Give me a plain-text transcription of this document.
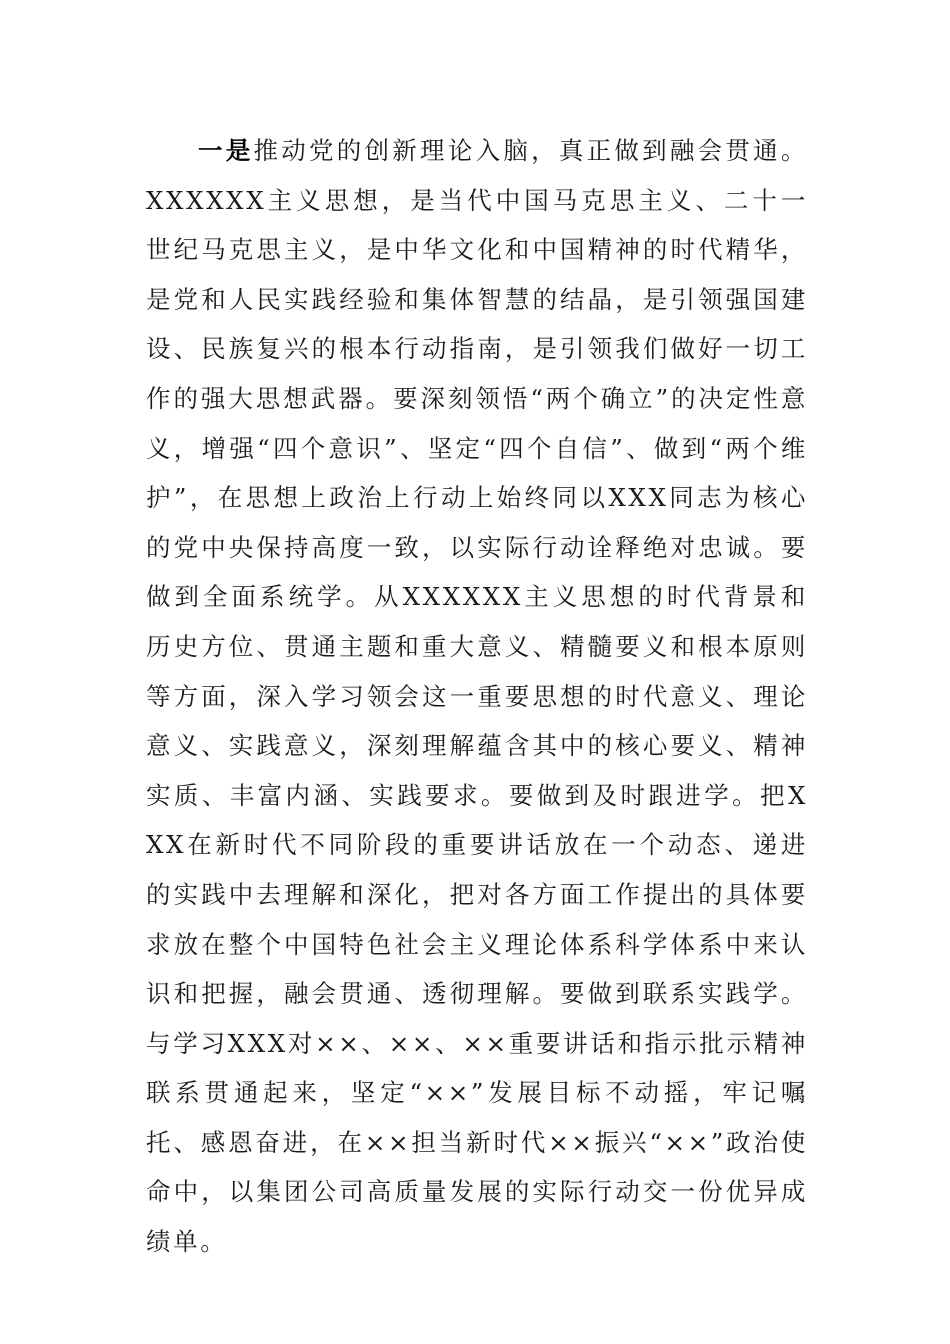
一是推动党的创新理论入脑，真正做到融会贯通。XXXXXX主义思想，是当代中国马克思主义、二十一世纪马克思主义，是中华文化和中国精神的时代精华，是党和人民实践经验和集体智慧的结晶，是引领强国建设、民族复兴的根本行动指南，是引领我们做好一切工作的强大思想武器。要深刻领悟“两个确立”的决定性意义，增强“四个意识”、坚定“四个自信”、做到“两个维护”，在思想上政治上行动上始终同以XXX同志为核心的党中央保持高度一致，以实际行动诠释绝对忠诚。要做到全面系统学。从XXXXXX主义思想的时代背景和历史方位、贯通主题和重大意义、精髓要义和根本原则等方面，深入学习领会这一重要思想的时代意义、理论意义、实践意义，深刻理解蕴含其中的核心要义、精神实质、丰富内涵、实践要求。要做到及时跟进学。把XXX在新时代不同阶段的重要讲话放在一个动态、递进的实践中去理解和深化，把对各方面工作提出的具体要求放在整个中国特色社会主义理论体系科学体系中来认识和把握，融会贯通、透彻理解。要做到联系实践学。与学习XXX对××、××、××重要讲话和指示批示精神联系贯通起来，坚定“××”发展目标不动摇，牢记嘱托、感恩奋进，在××担当新时代××振兴“××”政治使命中，以集团公司高质量发展的实际行动交一份优异成绩单。
